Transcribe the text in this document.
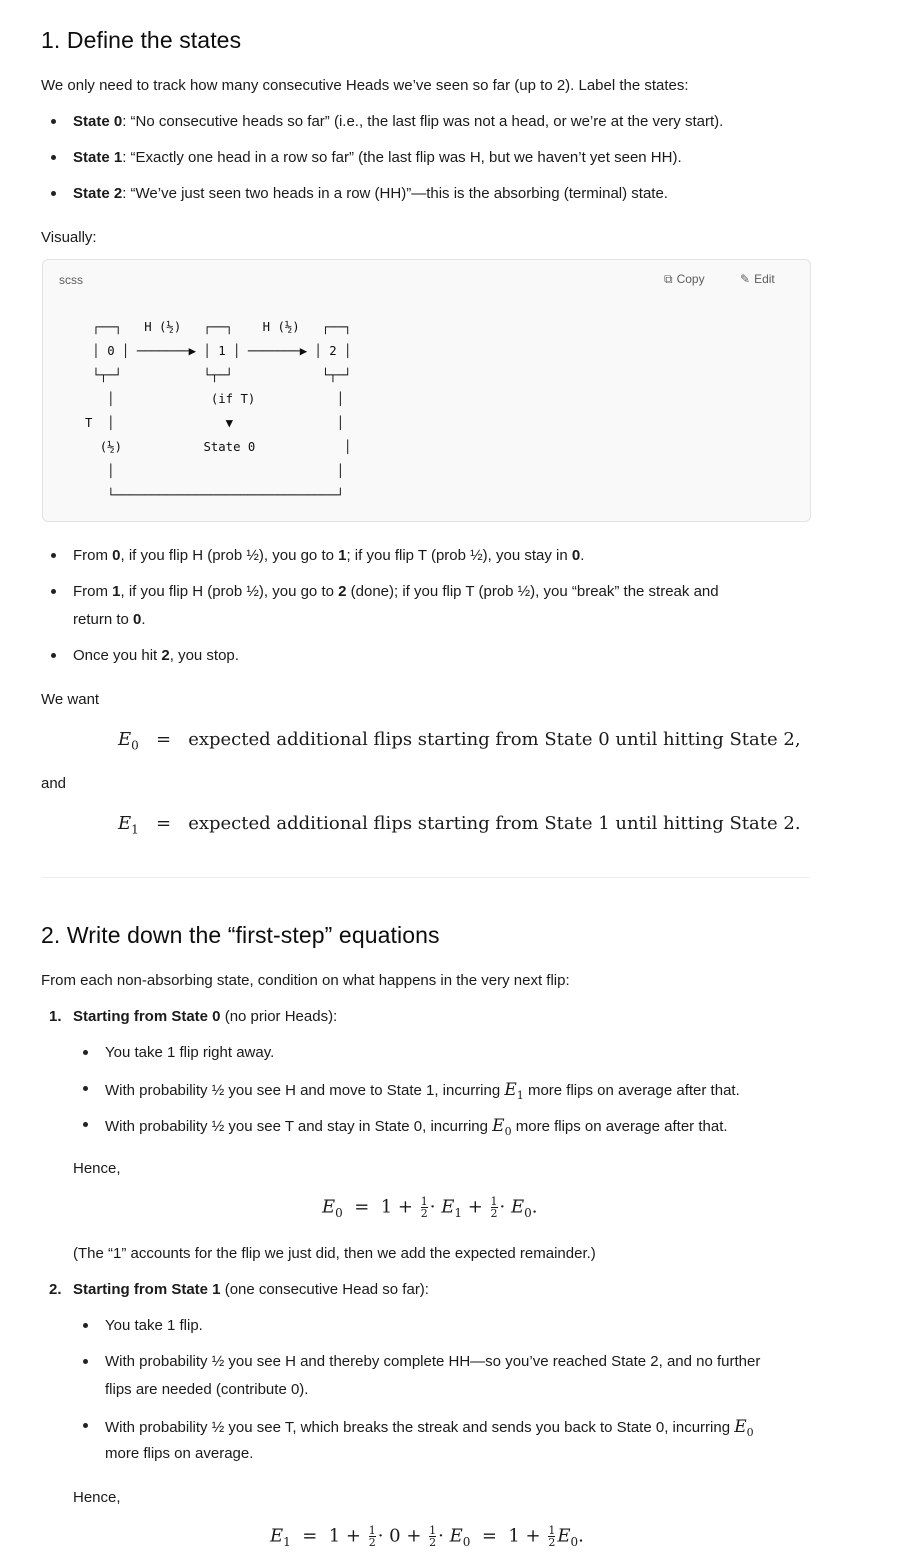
1. Define the states
We only need to track how many consecutive Heads we’ve seen so far (up to 2). Label the states:
State 0: “No consecutive heads so far” (i.e., the last flip was not a head, or we’re at the very start).
State 1: “Exactly one head in a row so far” (the last flip was H, but we haven’t yet seen HH).
State 2: “We’ve just seen two heads in a row (HH)”—this is the absorbing (terminal) state.
Visually:
scss	⧉ Copy	✎ Edit
┌──┐   H (½)   ┌──┐    H (½)   ┌──┐
│ 0 │ ───────▶ │ 1 │ ───────▶ │ 2 │
└┬─┘           └┬─┘            └┬─┘
│             (if T)           │
T  │               ▼              │
(½)           State 0            │
│                              │
└──────────────────────────────┘
From 0, if you flip H (prob ½), you go to 1; if you flip T (prob ½), you stay in 0.
From 1, if you flip H (prob ½), you go to 2 (done); if you flip T (prob ½), you “break” the streak and
return to 0.
Once you hit 2, you stop.
We want
$E_0$   =   expected additional flips starting from State 0 until hitting State 2,
and
$E_1$   =   expected additional flips starting from State 1 until hitting State 2.
2. Write down the “first-step” equations
From each non-absorbing state, condition on what happens in the very next flip:
1. Starting from State 0 (no prior Heads):
You take 1 flip right away.
With probability ½ you see H and move to State 1, incurring $E_1$ more flips on average after that.
With probability ½ you see T and stay in State 0, incurring $E_0$ more flips on average after that.
Hence,
$E_0 = 1 + \frac{1}{2} \cdot E_1 + \frac{1}{2} \cdot E_0$.
(The “1” accounts for the flip we just did, then we add the expected remainder.)
2. Starting from State 1 (one consecutive Head so far):
You take 1 flip.
With probability ½ you see H and thereby complete HH—so you’ve reached State 2, and no further
flips are needed (contribute 0).
With probability ½ you see T, which breaks the streak and sends you back to State 0, incurring $E_0$
more flips on average.
Hence,
$E_1 = 1 + \frac{1}{2} \cdot 0 + \frac{1}{2} \cdot E_0 = 1 + \frac{1}{2} E_0$.
